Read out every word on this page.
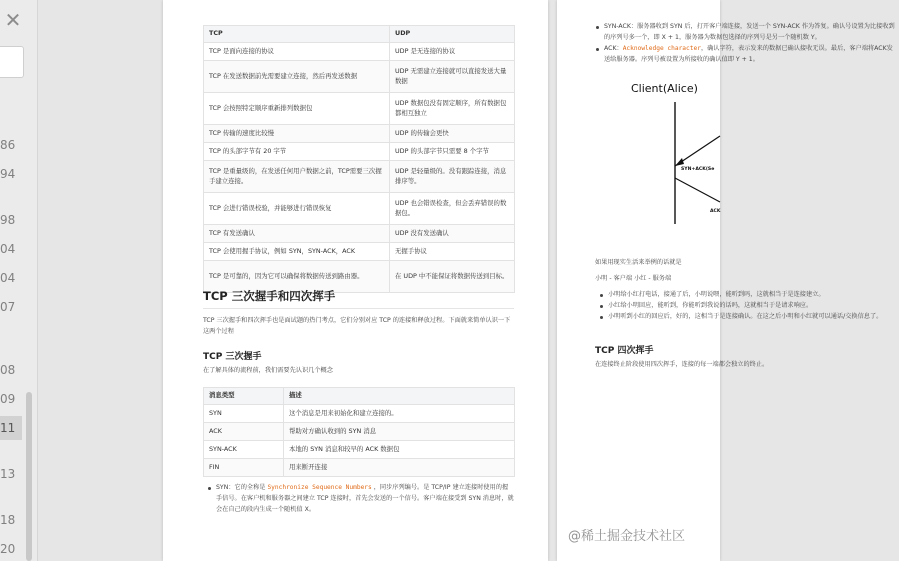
✕
86
94
98
04
04
07
08
09
11
13
18
20
TCP	UDP
TCP 是面向连接的协议	UDP 是无连接的协议
TCP 在发送数据前先需要建立连接，然后再发送数据	UDP 无需建立连接就可以直接发送大量数据
TCP 会按照特定顺序重新排列数据包	UDP 数据包没有固定顺序，所有数据包都相互独立
TCP 传输的速度比较慢	UDP 的传输会更快
TCP 的头部字节有 20 字节	UDP 的头部字节只需要 8 个字节
TCP 是重量级的，在发送任何用户数据之前，TCP需要三次握手建立连接。	UDP 是轻量级的。没有跟踪连接，消息排序等。
TCP 会进行错误校验，并能够进行错误恢复	UDP 也会错误检查，但会丢弃错误的数据包。
TCP 有发送确认	UDP 没有发送确认
TCP 会使用握手协议，例如 SYN，SYN-ACK，ACK	无握手协议
TCP 是可靠的，因为它可以确保将数据传送到路由器。	在 UDP 中不能保证将数据传送到目标。
TCP 三次握手和四次挥手
TCP 三次握手和四次挥手也是面试题的热门考点，它们分别对应 TCP 的连接和释放过程。下面就来简单认识一下这两个过程
TCP 三次握手
在了解具体的流程前，我们需要先认识几个概念
消息类型	描述
SYN	这个消息是用来初始化和建立连接的。
ACK	帮助对方确认收到的 SYN 消息
SYN-ACK	本地的 SYN 消息和较早的 ACK 数据包
FIN	用来断开连接
SYN：它的全称是 Synchronize Sequence Numbers ，同步序列编号。是 TCP/IP 建立连接时使用的握手信号。在客户机和服务器之间建立 TCP 连接时，首先会发送的一个信号。客户端在接受到 SYN 消息时，就会在自己的段内生成一个随机值 X。
SYN-ACK：服务器收到 SYN 后，打开客户端连接，发送一个 SYN-ACK 作为答复。确认号设置为比接收到的序列号多一个，即 X + 1，服务器为数据包选择的序列号是另一个随机数 Y。
ACK：Acknowledge character，确认字符，表示发来的数据已确认接收无误。最后，客户端将ACK发送给服务器。序列号被设置为所接收的确认值即 Y + 1。
Client(Alice)
SYN+ACK(Se
ACK
如果用现实生活来举例的话就是
小明 - 客户端 小红 - 服务端
小明给小红打电话，接通了后，小明说喂，能听到吗，这就相当于是连接建立。
小红给小明回应，能听到，你能听到我说的话吗，这就相当于是请求响应。
小明听到小红的回应后，好的，这相当于是连接确认。在这之后小明和小红就可以通话/交换信息了。
TCP 四次挥手
在连接终止阶段使用四次挥手，连接的每一端都会独立的终止。
@稀土掘金技术社区
